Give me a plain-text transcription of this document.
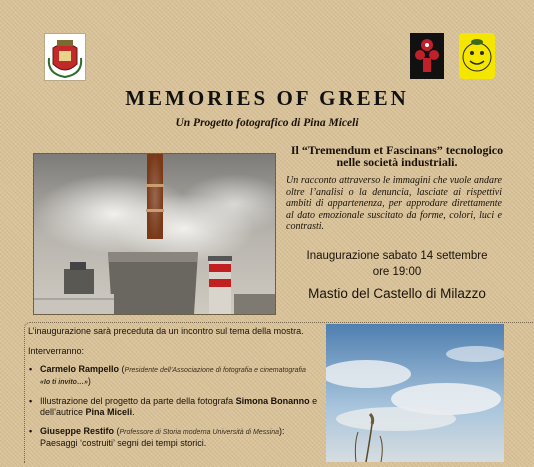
MEMORIES OF GREEN
Un Progetto fotografico di Pina Miceli
Il “Tremendum et Fascinans” tecnologico nelle società industriali.
Un racconto attraverso le immagini che vuole andare oltre l’analisi o la denuncia, lasciate ai rispettivi ambiti di appartenenza, per approdare direttamente al dato emozionale suscitato da forme, colori, luci e contrasti.
Inaugurazione sabato 14 settembre
ore 19:00
Mastio del Castello di Milazzo
L’inaugurazione sarà preceduta da un incontro sul tema della mostra.
Interverranno:
• Carmelo Rampello (Presidente dell’Associazione di fotografia e cinematografia
«Io ti invito…»)
• Illustrazione del progetto da parte della fotografa Simona Bonanno e dell’autrice Pina Miceli.
• Giuseppe Restifo (Professore di Storia moderna Università di Messina):
Paesaggi ‘costruiti’ segni dei tempi storici.
